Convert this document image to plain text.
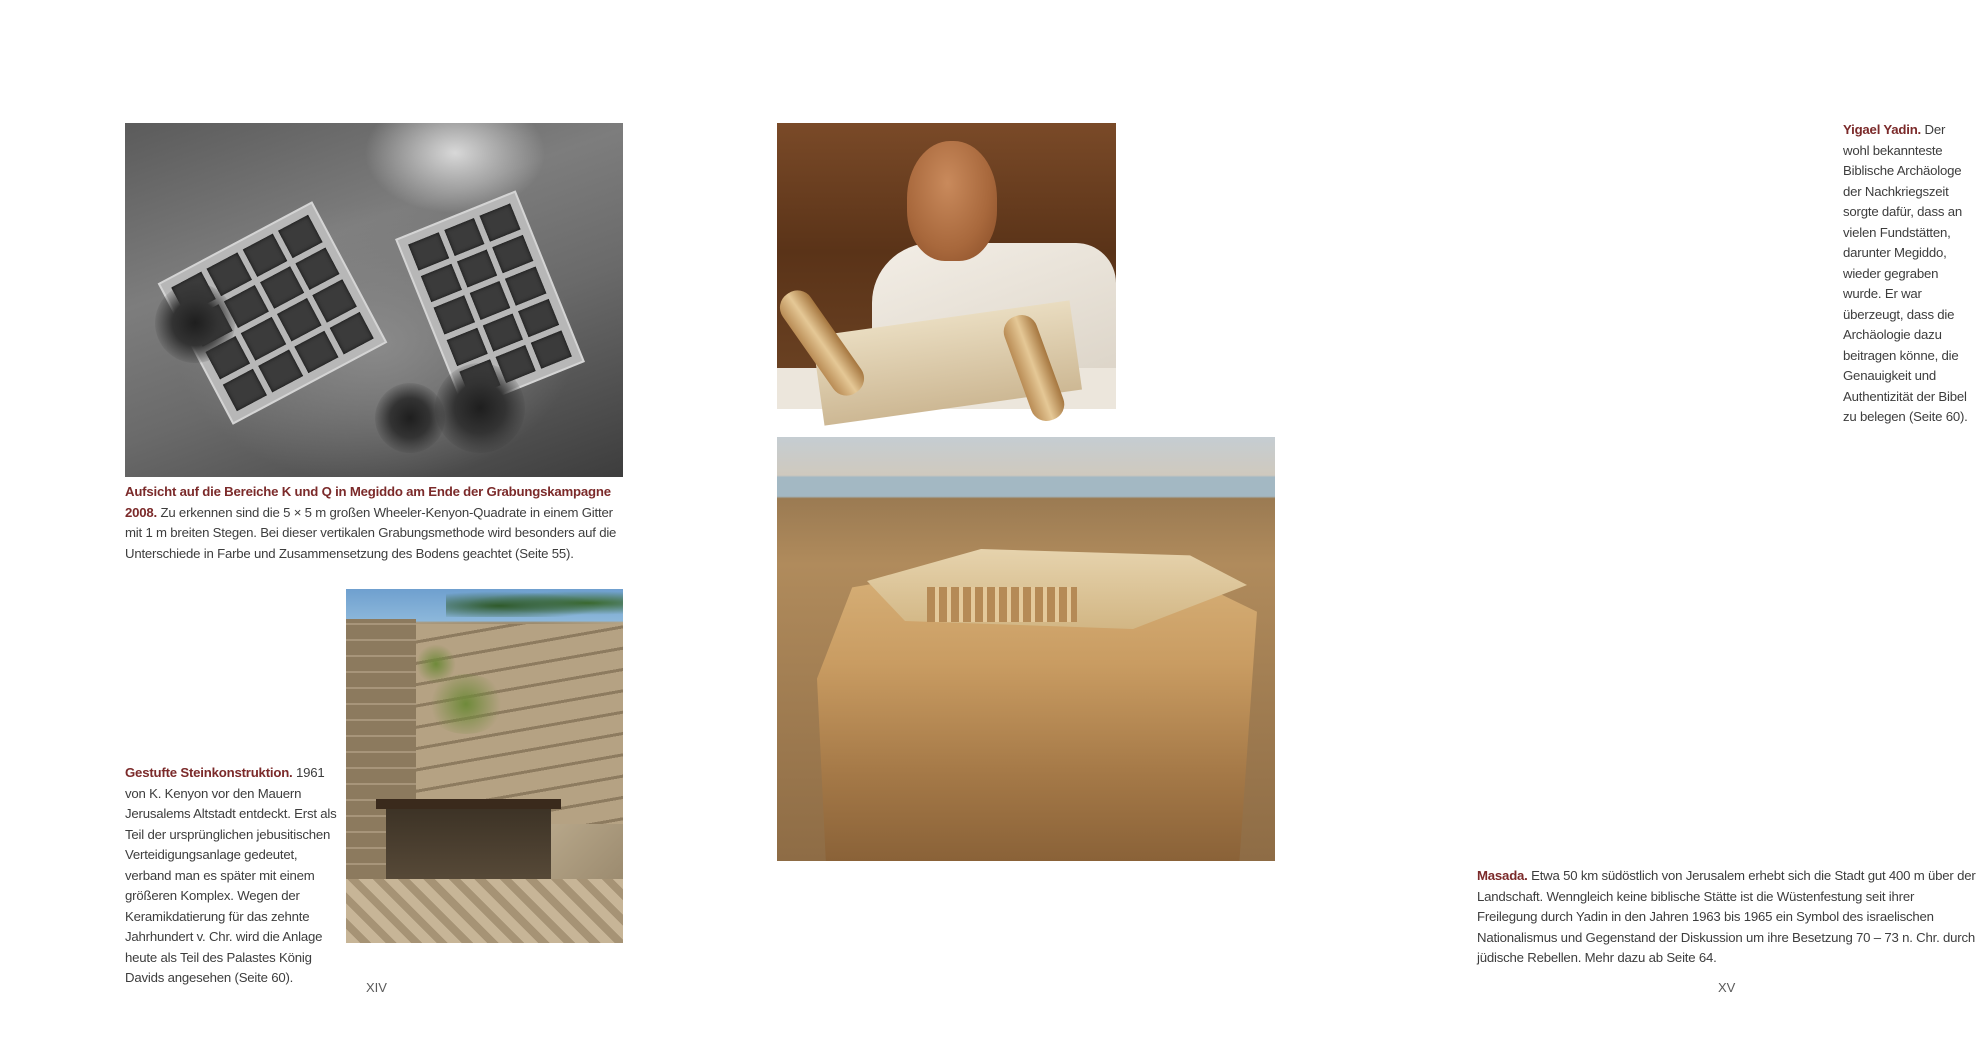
Aufsicht auf die Bereiche K und Q in Megiddo am Ende der Grabungskampagne 2008. Zu erkennen sind die 5 × 5 m großen Wheeler-Kenyon-Quadrate in einem Gitter mit 1 m breiten Stegen. Bei dieser vertikalen Grabungsmethode wird besonders auf die Unterschiede in Farbe und Zusammensetzung des Bodens geachtet (Seite 55).
Gestufte Steinkonstruktion. 1961 von K. Kenyon vor den Mauern Jerusalems Altstadt entdeckt. Erst als Teil der ursprünglichen jebusitischen Verteidigungsanlage gedeutet, verband man es später mit einem größeren Komplex. Wegen der Keramikdatierung für das zehnte Jahrhundert v. Chr. wird die Anlage heute als Teil des Palastes König Davids angesehen (Seite 60).
XIV
Yigael Yadin. Der wohl bekannteste Biblische Archäologe der Nachkriegszeit sorgte dafür, dass an vielen Fundstätten, darunter Megiddo, wieder gegraben wurde. Er war überzeugt, dass die Archäologie dazu beitragen könne, die Genauigkeit und Authentizität der Bibel zu belegen (Seite 60).
Masada. Etwa 50 km südöstlich von Jerusalem erhebt sich die Stadt gut 400 m über der Landschaft. Wenngleich keine biblische Stätte ist die Wüstenfestung seit ihrer Freilegung durch Yadin in den Jahren 1963 bis 1965 ein Symbol des israelischen Nationalismus und Gegenstand der Diskussion um ihre Besetzung 70 – 73 n. Chr. durch jüdische Rebellen. Mehr dazu ab Seite 64.
XV
